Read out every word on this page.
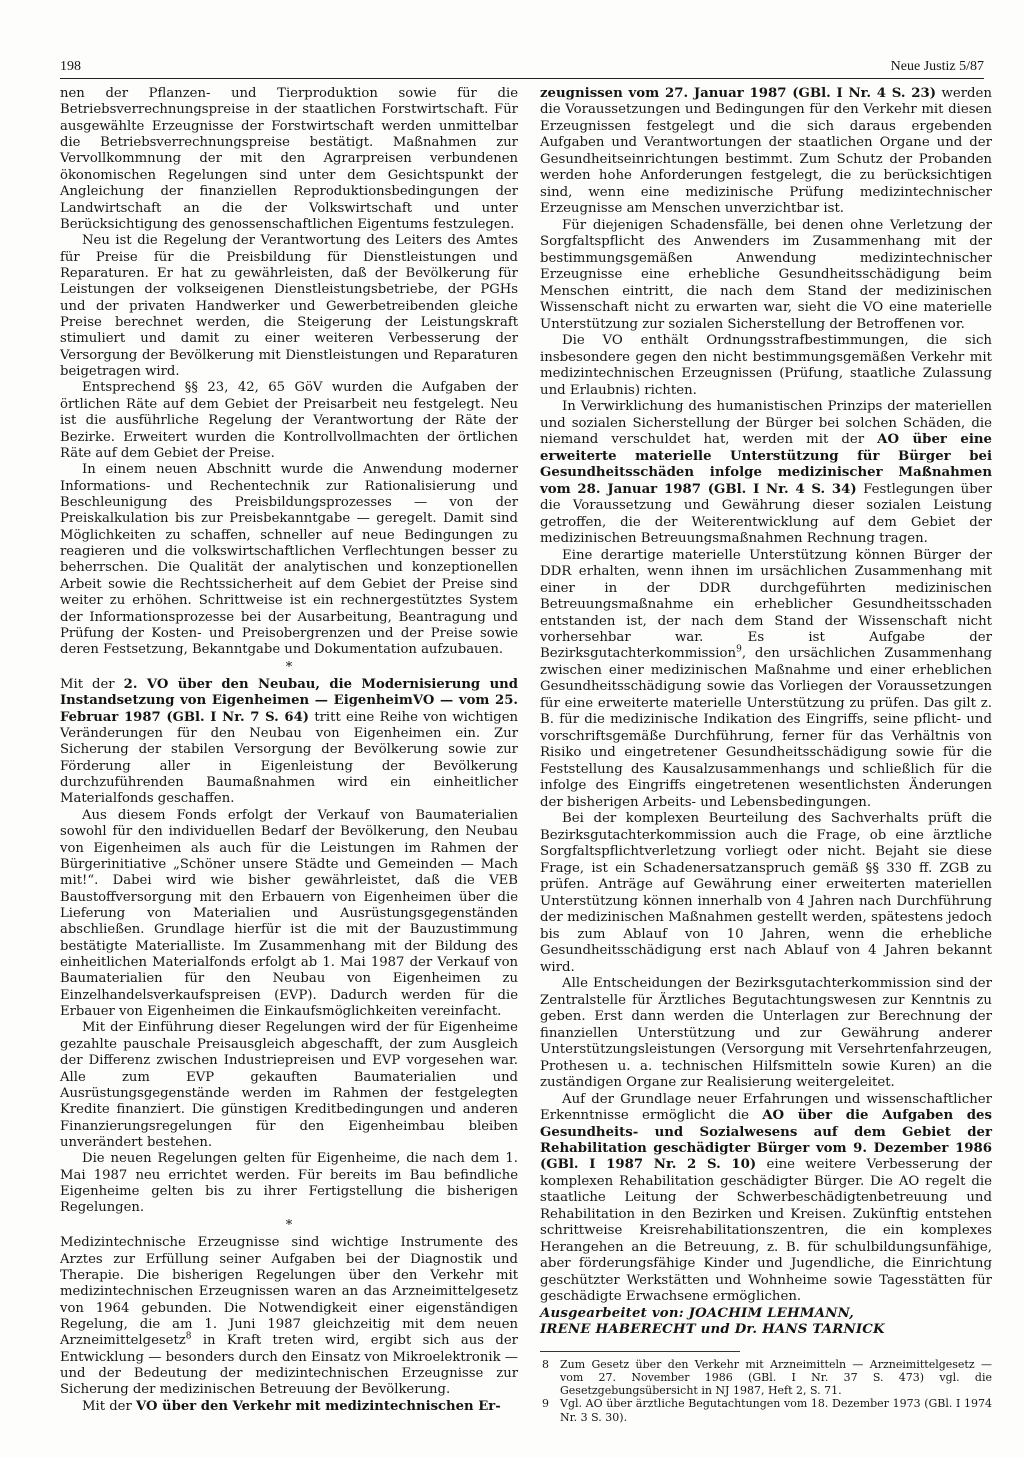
198	Neue Justiz 5/87

nen der Pflanzen- und Tierproduktion sowie für die Betriebsverrechnungspreise in der staatlichen Forstwirtschaft. Für ausgewählte Erzeugnisse der Forstwirtschaft werden unmittelbar die Betriebsverrechnungspreise bestätigt. Maßnahmen zur Vervollkommnung der mit den Agrarpreisen verbundenen ökonomischen Regelungen sind unter dem Gesichtspunkt der Angleichung der finanziellen Reproduktionsbedingungen der Landwirtschaft an die der Volkswirtschaft und unter Berücksichtigung des genossenschaftlichen Eigentums festzulegen.

Neu ist die Regelung der Verantwortung des Leiters des Amtes für Preise für die Preisbildung für Dienstleistungen und Reparaturen. Er hat zu gewährleisten, daß der Bevölkerung für Leistungen der volkseigenen Dienstleistungsbetriebe, der PGHs und der privaten Handwerker und Gewerbetreibenden gleiche Preise berechnet werden, die Steigerung der Leistungskraft stimuliert und damit zu einer weiteren Verbesserung der Versorgung der Bevölkerung mit Dienstleistungen und Reparaturen beigetragen wird.

Entsprechend §§ 23, 42, 65 GöV wurden die Aufgaben der örtlichen Räte auf dem Gebiet der Preisarbeit neu festgelegt. Neu ist die ausführliche Regelung der Verantwortung der Räte der Bezirke. Erweitert wurden die Kontrollvollmachten der örtlichen Räte auf dem Gebiet der Preise.

In einem neuen Abschnitt wurde die Anwendung moderner Informations- und Rechentechnik zur Rationalisierung und Beschleunigung des Preisbildungsprozesses — von der Preiskalkulation bis zur Preisbekanntgabe — geregelt. Damit sind Möglichkeiten zu schaffen, schneller auf neue Bedingungen zu reagieren und die volkswirtschaftlichen Verflechtungen besser zu beherrschen. Die Qualität der analytischen und konzeptionellen Arbeit sowie die Rechtssicherheit auf dem Gebiet der Preise sind weiter zu erhöhen. Schrittweise ist ein rechnergestütztes System der Informationsprozesse bei der Ausarbeitung, Beantragung und Prüfung der Kosten- und Preisobergrenzen und der Preise sowie deren Festsetzung, Bekanntgabe und Dokumentation aufzubauen.

*

Mit der 2. VO über den Neubau, die Modernisierung und Instandsetzung von Eigenheimen — EigenheimVO — vom 25. Februar 1987 (GBl. I Nr. 7 S. 64) tritt eine Reihe von wichtigen Veränderungen für den Neubau von Eigenheimen ein. Zur Sicherung der stabilen Versorgung der Bevölkerung sowie zur Förderung aller in Eigenleistung der Bevölkerung durchzuführenden Baumaßnahmen wird ein einheitlicher Materialfonds geschaffen.

Aus diesem Fonds erfolgt der Verkauf von Baumaterialien sowohl für den individuellen Bedarf der Bevölkerung, den Neubau von Eigenheimen als auch für die Leistungen im Rahmen der Bürgerinitiative „Schöner unsere Städte und Gemeinden — Mach mit!“. Dabei wird wie bisher gewährleistet, daß die VEB Baustoffversorgung mit den Erbauern von Eigenheimen über die Lieferung von Materialien und Ausrüstungsgegenständen abschließen. Grundlage hierfür ist die mit der Bauzustimmung bestätigte Materialliste. Im Zusammenhang mit der Bildung des einheitlichen Materialfonds erfolgt ab 1. Mai 1987 der Verkauf von Baumaterialien für den Neubau von Eigenheimen zu Einzelhandelsverkaufspreisen (EVP). Dadurch werden für die Erbauer von Eigenheimen die Einkaufsmöglichkeiten vereinfacht.

Mit der Einführung dieser Regelungen wird der für Eigenheime gezahlte pauschale Preisausgleich abgeschafft, der zum Ausgleich der Differenz zwischen Industriepreisen und EVP vorgesehen war. Alle zum EVP gekauften Baumaterialien und Ausrüstungsgegenstände werden im Rahmen der festgelegten Kredite finanziert. Die günstigen Kreditbedingungen und anderen Finanzierungsregelungen für den Eigenheimbau bleiben unverändert bestehen.

Die neuen Regelungen gelten für Eigenheime, die nach dem 1. Mai 1987 neu errichtet werden. Für bereits im Bau befindliche Eigenheime gelten bis zu ihrer Fertigstellung die bisherigen Regelungen.

*

Medizintechnische Erzeugnisse sind wichtige Instrumente des Arztes zur Erfüllung seiner Aufgaben bei der Diagnostik und Therapie. Die bisherigen Regelungen über den Verkehr mit medizintechnischen Erzeugnissen waren an das Arzneimittelgesetz von 1964 gebunden. Die Notwendigkeit einer eigenständigen Regelung, die am 1. Juni 1987 gleichzeitig mit dem neuen Arzneimittelgesetz$^8$ in Kraft treten wird, ergibt sich aus der Entwicklung — besonders durch den Einsatz von Mikroelektronik — und der Bedeutung der medizintechnischen Erzeugnisse zur Sicherung der medizinischen Betreuung der Bevölkerung.

Mit der VO über den Verkehr mit medizintechnischen Er-

zeugnissen vom 27. Januar 1987 (GBl. I Nr. 4 S. 23) werden die Voraussetzungen und Bedingungen für den Verkehr mit diesen Erzeugnissen festgelegt und die sich daraus ergebenden Aufgaben und Verantwortungen der staatlichen Organe und der Gesundheitseinrichtungen bestimmt. Zum Schutz der Probanden werden hohe Anforderungen festgelegt, die zu berücksichtigen sind, wenn eine medizinische Prüfung medizintechnischer Erzeugnisse am Menschen unverzichtbar ist.

Für diejenigen Schadensfälle, bei denen ohne Verletzung der Sorgfaltspflicht des Anwenders im Zusammenhang mit der bestimmungsgemäßen Anwendung medizintechnischer Erzeugnisse eine erhebliche Gesundheitsschädigung beim Menschen eintritt, die nach dem Stand der medizinischen Wissenschaft nicht zu erwarten war, sieht die VO eine materielle Unterstützung zur sozialen Sicherstellung der Betroffenen vor.

Die VO enthält Ordnungsstrafbestimmungen, die sich insbesondere gegen den nicht bestimmungsgemäßen Verkehr mit medizintechnischen Erzeugnissen (Prüfung, staatliche Zulassung und Erlaubnis) richten.

In Verwirklichung des humanistischen Prinzips der materiellen und sozialen Sicherstellung der Bürger bei solchen Schäden, die niemand verschuldet hat, werden mit der AO über eine erweiterte materielle Unterstützung für Bürger bei Gesundheitsschäden infolge medizinischer Maßnahmen vom 28. Januar 1987 (GBl. I Nr. 4 S. 34) Festlegungen über die Voraussetzung und Gewährung dieser sozialen Leistung getroffen, die der Weiterentwicklung auf dem Gebiet der medizinischen Betreuungsmaßnahmen Rechnung tragen.

Eine derartige materielle Unterstützung können Bürger der DDR erhalten, wenn ihnen im ursächlichen Zusammenhang mit einer in der DDR durchgeführten medizinischen Betreuungsmaßnahme ein erheblicher Gesundheitsschaden entstanden ist, der nach dem Stand der Wissenschaft nicht vorhersehbar war. Es ist Aufgabe der Bezirksgutachterkommission$^9$, den ursächlichen Zusammenhang zwischen einer medizinischen Maßnahme und einer erheblichen Gesundheitsschädigung sowie das Vorliegen der Voraussetzungen für eine erweiterte materielle Unterstützung zu prüfen. Das gilt z. B. für die medizinische Indikation des Eingriffs, seine pflicht- und vorschriftsgemäße Durchführung, ferner für das Verhältnis von Risiko und eingetretener Gesundheitsschädigung sowie für die Feststellung des Kausalzusammenhangs und schließlich für die infolge des Eingriffs eingetretenen wesentlichsten Änderungen der bisherigen Arbeits- und Lebensbedingungen.

Bei der komplexen Beurteilung des Sachverhalts prüft die Bezirksgutachterkommission auch die Frage, ob eine ärztliche Sorgfaltspflichtverletzung vorliegt oder nicht. Bejaht sie diese Frage, ist ein Schadenersatzanspruch gemäß §§ 330 ff. ZGB zu prüfen. Anträge auf Gewährung einer erweiterten materiellen Unterstützung können innerhalb von 4 Jahren nach Durchführung der medizinischen Maßnahmen gestellt werden, spätestens jedoch bis zum Ablauf von 10 Jahren, wenn die erhebliche Gesundheitsschädigung erst nach Ablauf von 4 Jahren bekannt wird.

Alle Entscheidungen der Bezirksgutachterkommission sind der Zentralstelle für Ärztliches Begutachtungswesen zur Kenntnis zu geben. Erst dann werden die Unterlagen zur Berechnung der finanziellen Unterstützung und zur Gewährung anderer Unterstützungsleistungen (Versorgung mit Versehrtenfahrzeugen, Prothesen u. a. technischen Hilfsmitteln sowie Kuren) an die zuständigen Organe zur Realisierung weitergeleitet.

Auf der Grundlage neuer Erfahrungen und wissenschaftlicher Erkenntnisse ermöglicht die AO über die Aufgaben des Gesundheits- und Sozialwesens auf dem Gebiet der Rehabilitation geschädigter Bürger vom 9. Dezember 1986 (GBl. I 1987 Nr. 2 S. 10) eine weitere Verbesserung der komplexen Rehabilitation geschädigter Bürger. Die AO regelt die staatliche Leitung der Schwerbeschädigtenbetreuung und Rehabilitation in den Bezirken und Kreisen. Zukünftig entstehen schrittweise Kreisrehabilitationszentren, die ein komplexes Herangehen an die Betreuung, z. B. für schulbildungsunfähige, aber förderungsfähige Kinder und Jugendliche, die Einrichtung geschützter Werkstätten und Wohnheime sowie Tagesstätten für geschädigte Erwachsene ermöglichen.

Ausgearbeitet von: JOACHIM LEHMANN,

IRENE HABERECHT und Dr. HANS TARNICK

8 Zum Gesetz über den Verkehr mit Arzneimitteln — Arzneimittelgesetz — vom 27. November 1986 (GBl. I Nr. 37 S. 473) vgl. die Gesetzgebungsübersicht in NJ 1987, Heft 2, S. 71.

9 Vgl. AO über ärztliche Begutachtungen vom 18. Dezember 1973 (GBl. I 1974 Nr. 3 S. 30).
